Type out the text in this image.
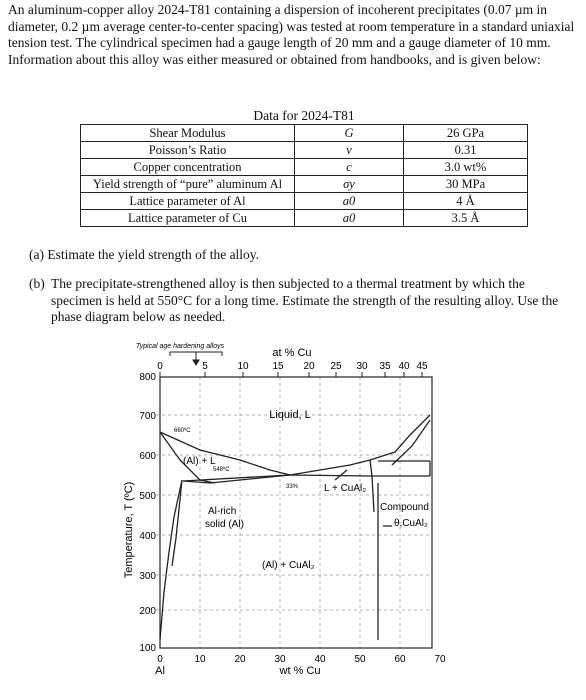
An aluminum-copper alloy 2024-T81 containing a dispersion of incoherent precipitates (0.07 µm in diameter, 0.2 µm average center-to-center spacing) was tested at room temperature in a standard uniaxial tension test. The cylindrical specimen had a gauge length of 20 mm and a gauge diameter of 10 mm. Information about this alloy was either measured or obtained from handbooks, and is given below:

Data for 2024-T81
Shear Modulus	G	26 GPa
Poisson’s Ratio	ν	0.31
Copper concentration	c	3.0 wt%
Yield strength of “pure” aluminum Al	σy	30 MPa
Lattice parameter of Al	a0	4 Å
Lattice parameter of Cu	a0	3.5 Å

(a) Estimate the yield strength of the alloy.

(b) The precipitate-strengthened alloy is then subjected to a thermal treatment by which the specimen is held at 550°C for a long time. Estimate the strength of the resulting alloy. Use the phase diagram below as needed.

Typical age hardening alloys
at % Cu
0	5	10 15 20 25 30 35 40 45
800
700
600
500
400
300
200
100
Temperature, T (ºC)
0	10	20	30	40	50	60	70
Al	wt % Cu
Liquid, L
660ºC
(Al) + L
548ºC
33%	L + CuAl₂
Al-rich
solid (Al)
(Al) + CuAl₂
Compound
θ,CuAl₂
